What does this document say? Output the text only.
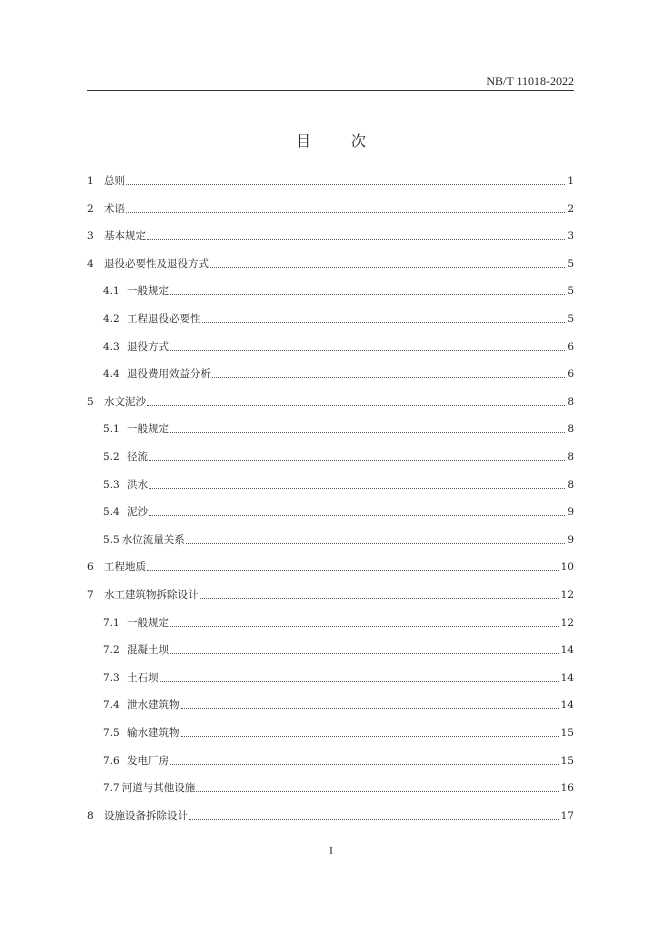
NB/T 11018-2022
目	次
1 总则	1
2 术语	2
3 基本规定	3
4 退役必要性及退役方式	5
4.1 一般规定	5
4.2 工程退役必要性	5
4.3 退役方式	6
4.4 退役费用效益分析	6
5 水文泥沙	8
5.1 一般规定	8
5.2 径流	8
5.3 洪水	8
5.4 泥沙	9
5.5 水位流量关系	9
6 工程地质	10
7 水工建筑物拆除设计	12
7.1 一般规定	12
7.2 混凝土坝	14
7.3 土石坝	14
7.4 泄水建筑物	14
7.5 输水建筑物	15
7.6 发电厂房	15
7.7 河道与其他设施	16
8 设施设备拆除设计	17
I
